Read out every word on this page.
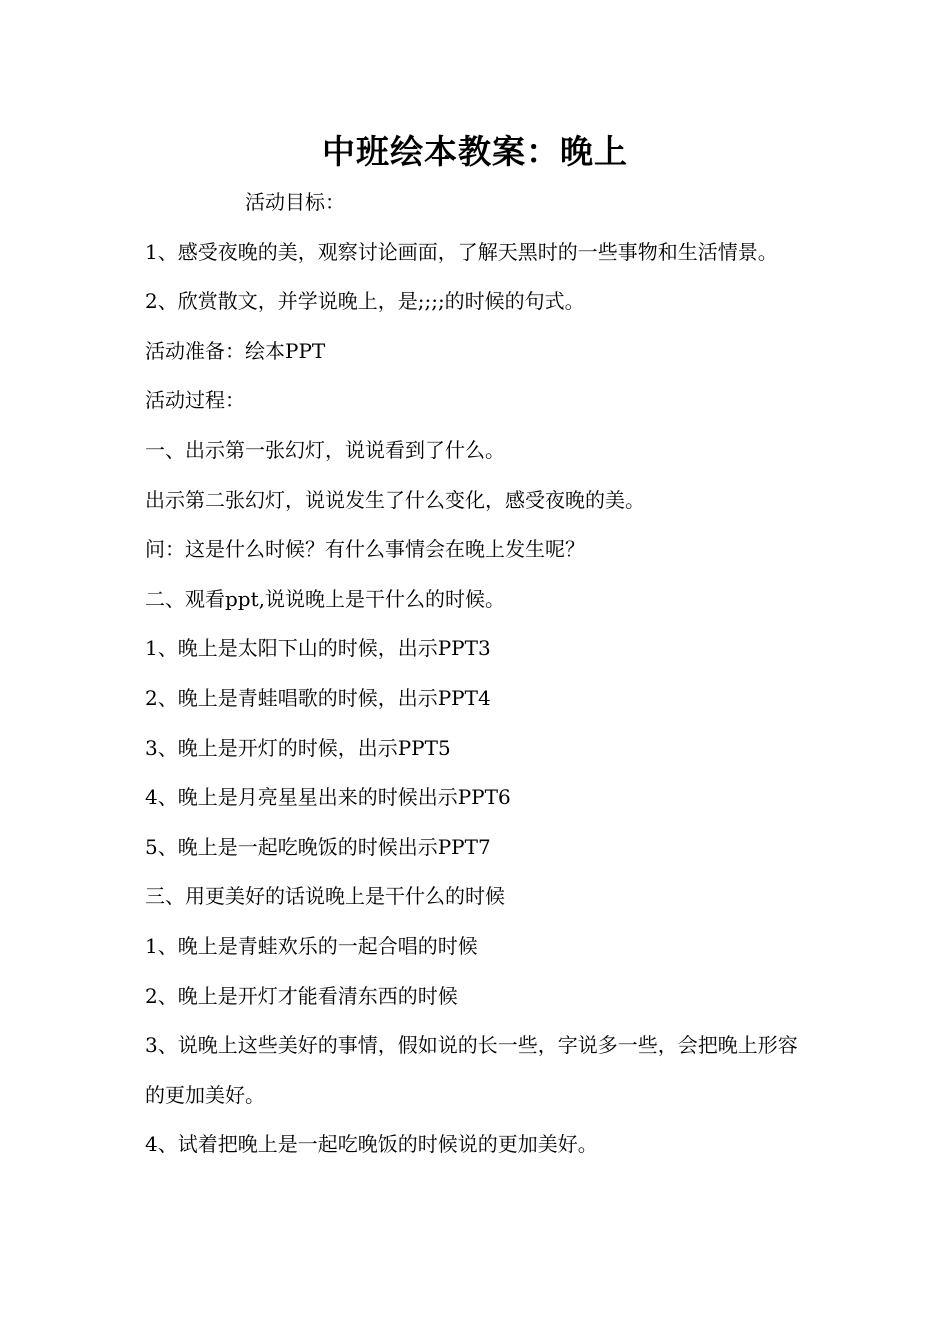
中班绘本教案：晚上

活动目标：

1、感受夜晚的美，观察讨论画面，了解天黑时的一些事物和生活情景。

2、欣赏散文，并学说晚上，是;;;;的时候的句式。

活动准备：绘本PPT

活动过程：

一、出示第一张幻灯，说说看到了什么。

出示第二张幻灯，说说发生了什么变化，感受夜晚的美。

问：这是什么时候？有什么事情会在晚上发生呢？

二、观看ppt,说说晚上是干什么的时候。

1、晚上是太阳下山的时候，出示PPT3

2、晚上是青蛙唱歌的时候，出示PPT4

3、晚上是开灯的时候，出示PPT5

4、晚上是月亮星星出来的时候出示PPT6

5、晚上是一起吃晚饭的时候出示PPT7

三、用更美好的话说晚上是干什么的时候

1、晚上是青蛙欢乐的一起合唱的时候

2、晚上是开灯才能看清东西的时候

3、说晚上这些美好的事情，假如说的长一些，字说多一些，会把晚上形容的更加美好。

4、试着把晚上是一起吃晚饭的时候说的更加美好。
